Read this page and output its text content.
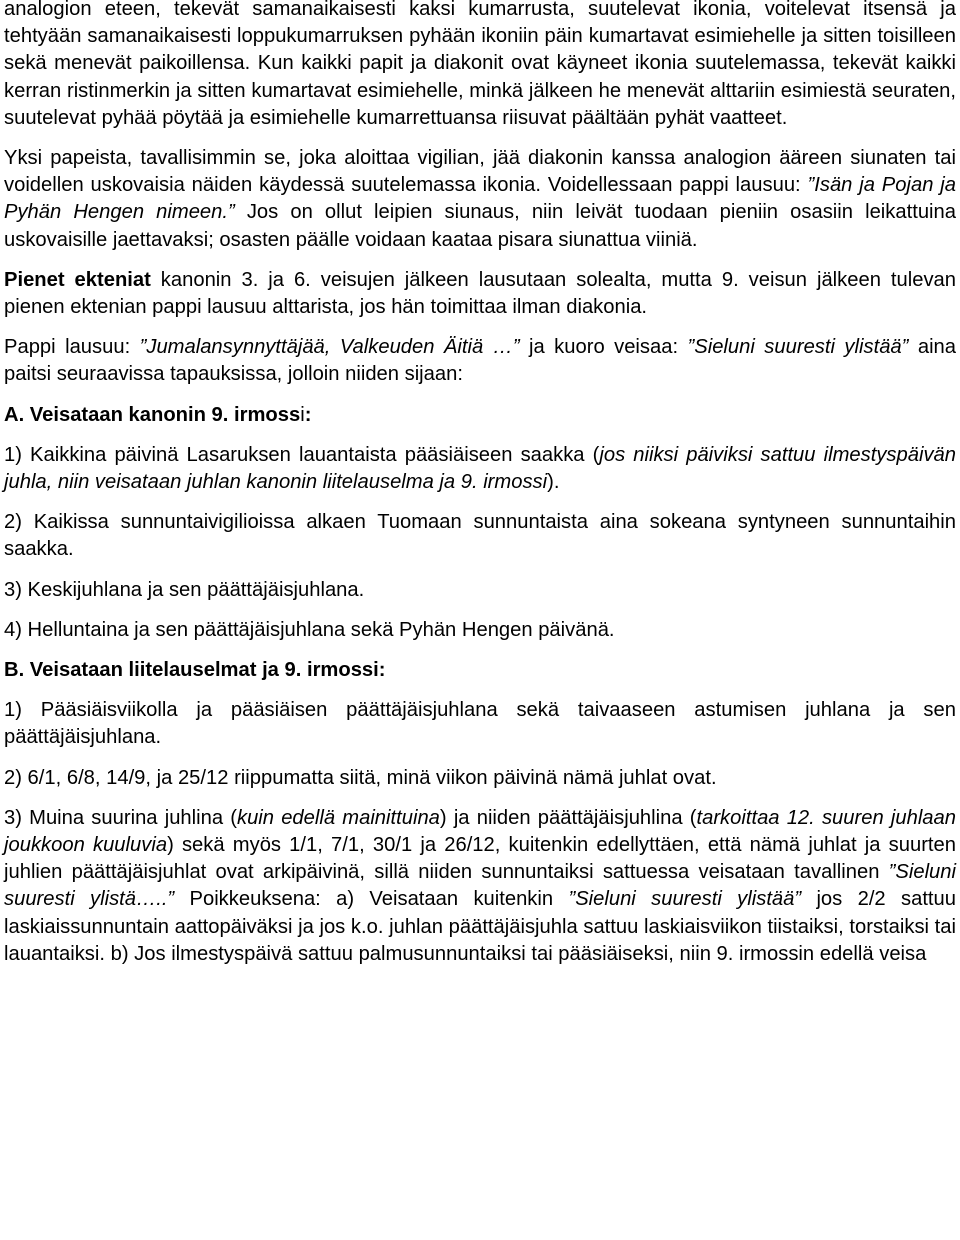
analogion eteen, tekevät samanaikaisesti kaksi kumarrusta, suutelevat ikonia, voitelevat itsensä ja tehtyään samanaikaisesti loppukumarruksen pyhään ikoniin päin kumartavat esimiehelle ja sitten toisilleen sekä menevät paikoillensa. Kun kaikki papit ja diakonit ovat käyneet ikonia suutelemassa, tekevät kaikki kerran ristinmerkin ja sitten kumartavat esimiehelle, minkä jälkeen he menevät alttariin esimiestä seuraten, suutelevat pyhää pöytää ja esimiehelle kumarrettuansa riisuvat päältään pyhät vaatteet.

Yksi papeista, tavallisimmin se, joka aloittaa vigilian, jää diakonin kanssa analogion ääreen siunaten tai voidellen uskovaisia näiden käydessä suutelemassa ikonia. Voidellessaan pappi lausuu: ”Isän ja Pojan ja Pyhän Hengen nimeen.” Jos on ollut leipien siunaus, niin leivät tuodaan pieniin osasiin leikattuina uskovaisille jaettavaksi; osasten päälle voidaan kaataa pisara siunattua viiniä.

Pienet ekteniat kanonin 3. ja 6. veisujen jälkeen lausutaan solealta, mutta 9. veisun jälkeen tulevan pienen ektenian pappi lausuu alttarista, jos hän toimittaa ilman diakonia.

Pappi lausuu: ”Jumalansynnyttäjää, Valkeuden Äitiä …” ja kuoro veisaa: ”Sieluni suuresti ylistää” aina paitsi seuraavissa tapauksissa, jolloin niiden sijaan:

A. Veisataan kanonin 9. irmossi:

1) Kaikkina päivinä Lasaruksen lauantaista pääsiäiseen saakka (jos niiksi päiviksi sattuu ilmestyspäivän juhla, niin veisataan juhlan kanonin liitelauselma ja 9. irmossi).

2) Kaikissa sunnuntaivigilioissa alkaen Tuomaan sunnuntaista aina sokeana syntyneen sunnuntaihin saakka.

3) Keskijuhlana ja sen päättäjäisjuhlana.

4) Helluntaina ja sen päättäjäisjuhlana sekä Pyhän Hengen päivänä.

B. Veisataan liitelauselmat ja 9. irmossi:

1) Pääsiäisviikolla ja pääsiäisen päättäjäisjuhlana sekä taivaaseen astumisen juhlana ja sen päättäjäisjuhlana.

2) 6/1, 6/8, 14/9, ja 25/12 riippumatta siitä, minä viikon päivinä nämä juhlat ovat.

3) Muina suurina juhlina (kuin edellä mainittuina) ja niiden päättäjäisjuhlina (tarkoittaa 12. suuren juhlaan joukkoon kuuluvia) sekä myös 1/1, 7/1, 30/1 ja 26/12, kuitenkin edellyttäen, että nämä juhlat ja suurten juhlien päättäjäisjuhlat ovat arkipäivinä, sillä niiden sunnuntaiksi sattuessa veisataan tavallinen ”Sieluni suuresti ylistä…..” Poikkeuksena: a) Veisataan kuitenkin ”Sieluni suuresti ylistää” jos 2/2 sattuu laskiaissunnuntain aattopäiväksi ja jos k.o. juhlan päättäjäisjuhla sattuu laskiaisviikon tiistaiksi, torstaiksi tai lauantaiksi. b) Jos ilmestyspäivä sattuu palmusunnuntaiksi tai pääsiäiseksi, niin 9. irmossin edellä veisa
